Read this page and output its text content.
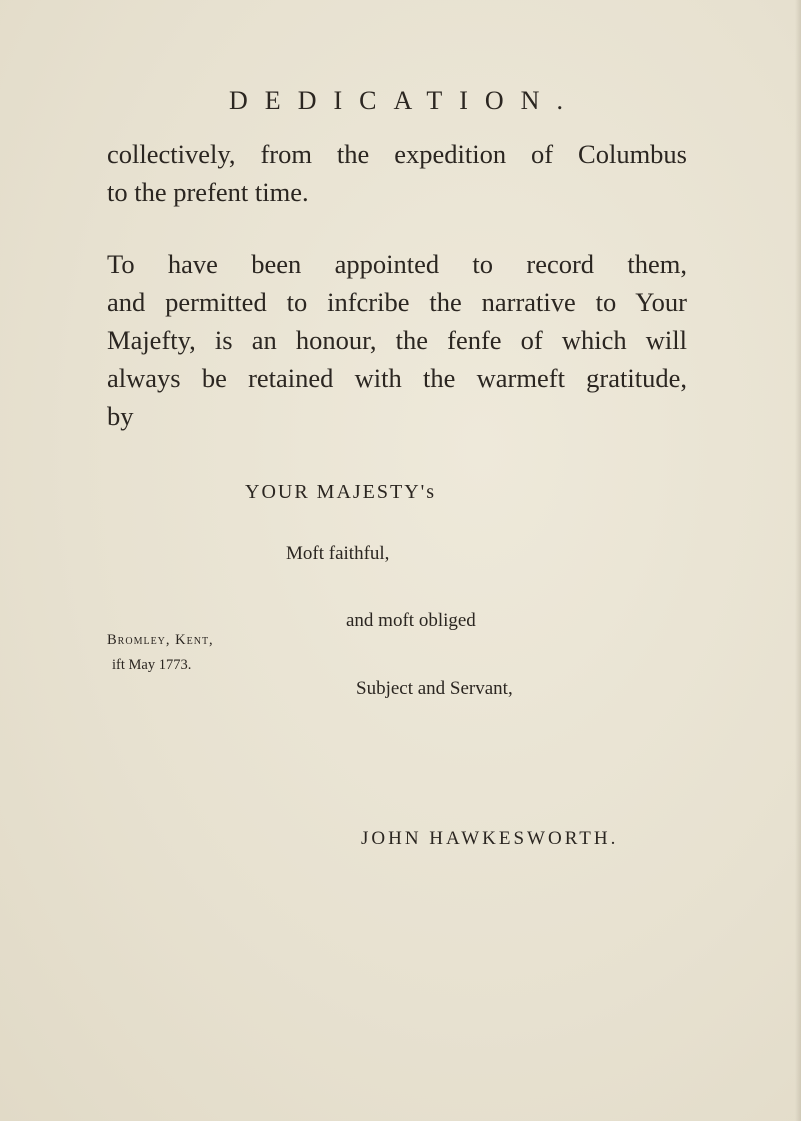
DEDICATION.
collectively, from the expedition of Columbus
to the prefent time.
To have been appointed to record them,
and permitted to infcribe the narrative to Your
Majefty, is an honour, the fenfe of which will
always be retained with the warmeft gratitude,
by
YOUR MAJESTY's
Moft faithful,
and moft obliged
Subject and Servant,
Bromley, Kent,
ift May 1773.
JOHN HAWKESWORTH.
